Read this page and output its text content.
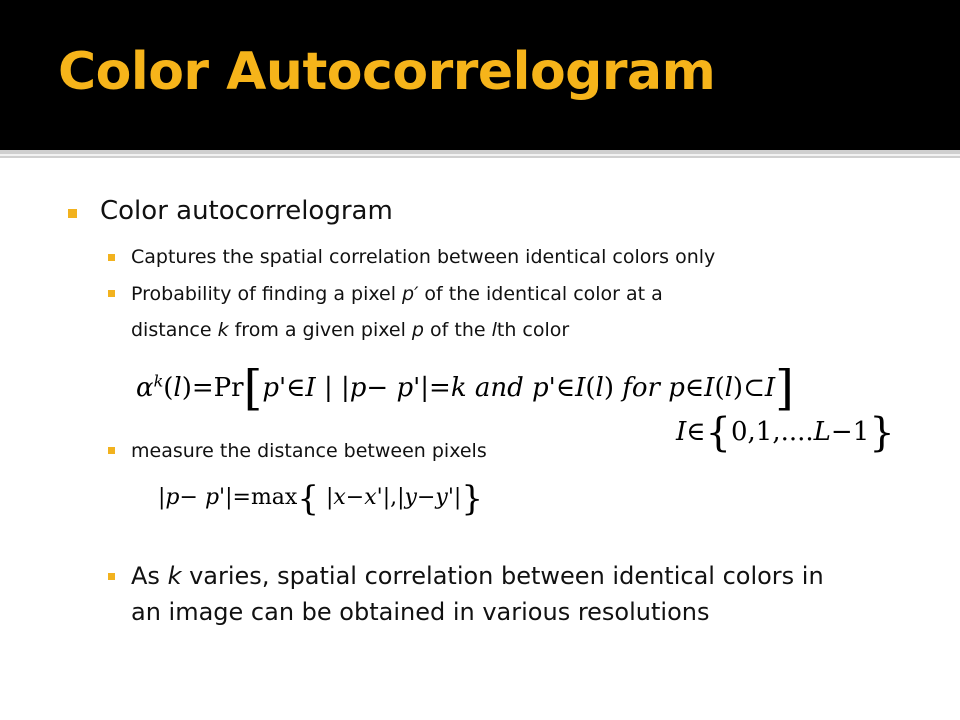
Color Autocorrelogram
Color autocorrelogram
Captures the spatial correlation between identical colors only
Probability of finding a pixel p′ of the identical color at a
distance k from a given pixel p of the lth color
$\alpha^k(l)=Pr[p'\in I$ | |p− p'|=k and p'∈I(l) for p∈I(l)⊂I]
I∈{0,1,....L−1}
measure the distance between pixels
|p− p'|=max{ |x−x'|,|y−y'|}
As k varies, spatial correlation between identical colors in
an image can be obtained in various resolutions
